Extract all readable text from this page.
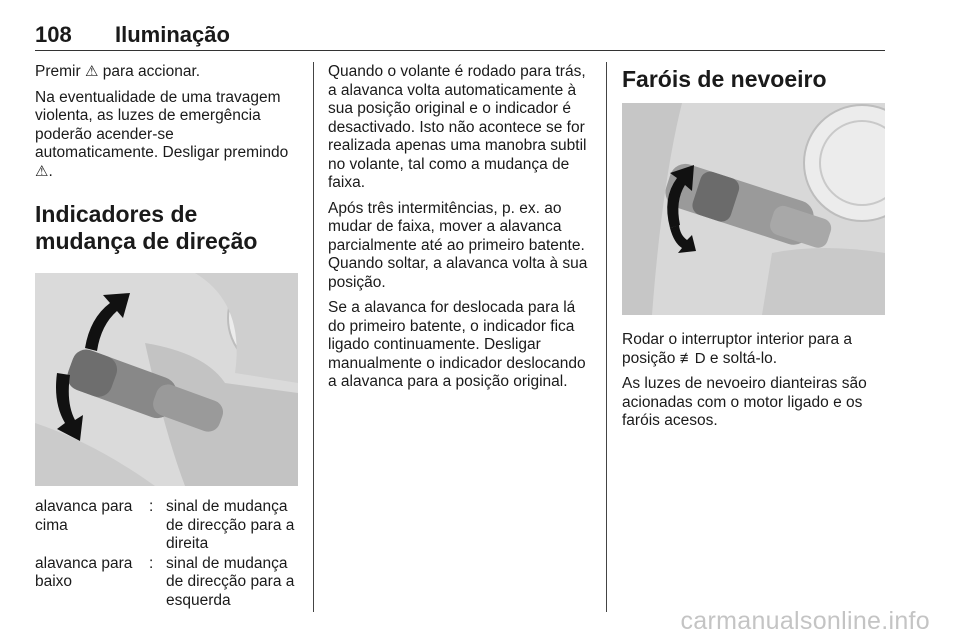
108 Iluminação

Premir ⚠ para accionar.

Na eventualidade de uma travagem violenta, as luzes de emergência poderão acender-se automaticamente. Desligar premindo ⚠.

Indicadores de mudança de direção
alavanca para cima
: sinal de mudança de direcção para a direita
alavanca para baixo
: sinal de mudança de direcção para a esquerda

Quando o volante é rodado para trás, a alavanca volta automaticamente à sua posição original e o indicador é desactivado. Isto não acontece se for realizada apenas uma manobra subtil no volante, tal como a mudança de faixa.

Após três intermitências, p. ex. ao mudar de faixa, mover a alavanca parcialmente até ao primeiro batente. Quando soltar, a alavanca volta à sua posição.

Se a alavanca for deslocada para lá do primeiro batente, o indicador fica ligado continuamente. Desligar manualmente o indicador deslocando a alavanca para a posição original.

Faróis de nevoeiro

Rodar o interruptor interior para a posição ≢D e soltá-lo.

As luzes de nevoeiro dianteiras são acionadas com o motor ligado e os faróis acesos.

carmanualsonline.info
